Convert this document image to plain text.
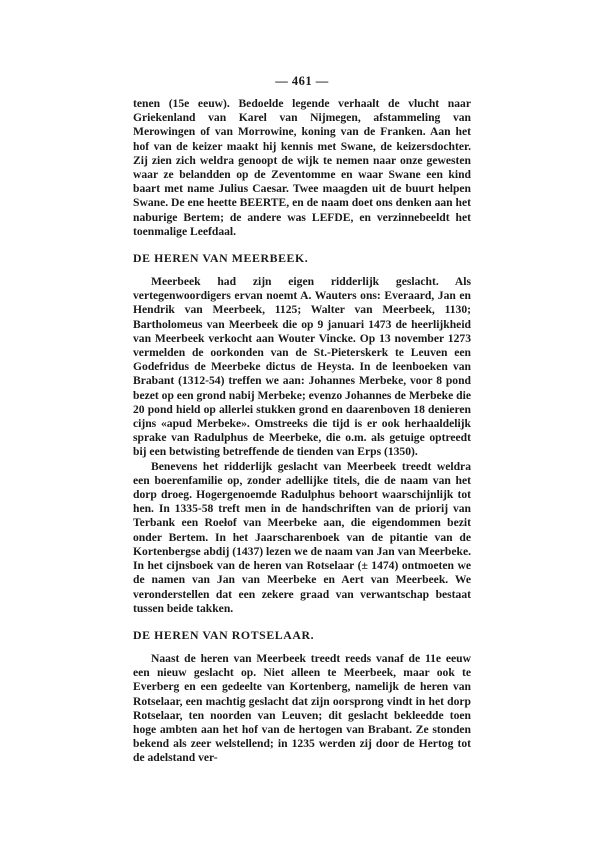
— 461 —

tenen (15e eeuw). Bedoelde legende verhaalt de vlucht naar Griekenland van Karel van Nijmegen, afstammeling van Merowingen of van Morrowine, koning van de Franken. Aan het hof van de keizer maakt hij kennis met Swane, de keizersdochter. Zij zien zich weldra genoopt de wijk te nemen naar onze gewesten waar ze belandden op de Zeventomme en waar Swane een kind baart met name Julius Caesar. Twee maagden uit de buurt helpen Swane. De ene heette BEERTE, en de naam doet ons denken aan het naburige Bertem; de andere was LEFDE, en verzinnebeeldt het toenmalige Leefdaal.

DE HEREN VAN MEERBEEK.

Meerbeek had zijn eigen ridderlijk geslacht. Als vertegenwoordigers ervan noemt A. Wauters ons: Everaard, Jan en Hendrik van Meerbeek, 1125; Walter van Meerbeek, 1130; Bartholomeus van Meerbeek die op 9 januari 1473 de heerlijkheid van Meerbeek verkocht aan Wouter Vincke. Op 13 november 1273 vermelden de oorkonden van de St.-Pieterskerk te Leuven een Godefridus de Meerbeke dictus de Heysta. In de leenboeken van Brabant (1312-54) treffen we aan: Johannes Merbeke, voor 8 pond bezet op een grond nabij Merbeke; evenzo Johannes de Merbeke die 20 pond hield op allerlei stukken grond en daarenboven 18 denieren cijns «apud Merbeke». Omstreeks die tijd is er ook herhaaldelijk sprake van Radulphus de Meerbeke, die o.m. als getuige optreedt bij een betwisting betreffende de tienden van Erps (1350).

Benevens het ridderlijk geslacht van Meerbeek treedt weldra een boerenfamilie op, zonder adellijke titels, die de naam van het dorp droeg. Hogergenoemde Radulphus behoort waarschijnlijk tot hen. In 1335-58 treft men in de handschriften van de priorij van Terbank een Roełof van Meerbeke aan, die eigendommen bezit onder Bertem. In het Jaarscharenboek van de pitantie van de Kortenbergse abdij (1437) lezen we de naam van Jan van Meerbeke. In het cijnsboek van de heren van Rotselaar (± 1474) ontmoeten we de namen van Jan van Meerbeke en Aert van Meerbeek. We veronderstellen dat een zekere graad van verwantschap bestaat tussen beide takken.

DE HEREN VAN ROTSELAAR.

Naast de heren van Meerbeek treedt reeds vanaf de 11e eeuw een nieuw geslacht op. Niet alleen te Meerbeek, maar ook te Everberg en een gedeelte van Kortenberg, namelijk de heren van Rotselaar, een machtig geslacht dat zijn oorsprong vindt in het dorp Rotselaar, ten noorden van Leuven; dit geslacht bekleedde toen hoge ambten aan het hof van de hertogen van Brabant. Ze stonden bekend als zeer welstellend; in 1235 werden zij door de Hertog tot de adelstand ver-
